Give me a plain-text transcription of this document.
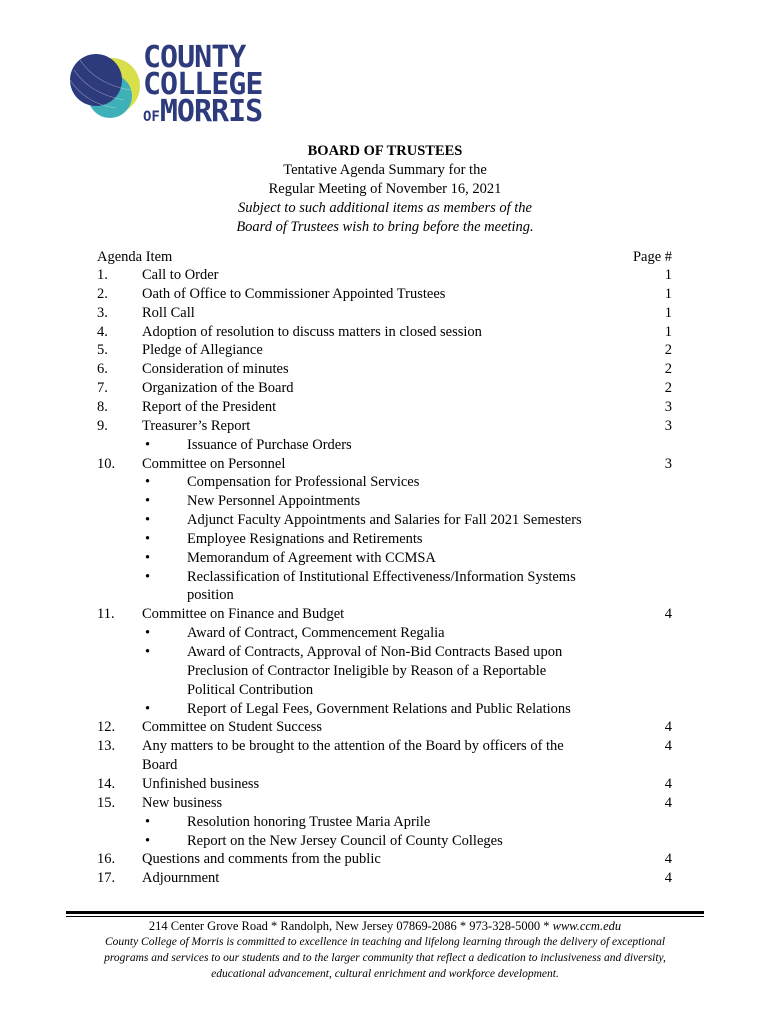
COUNTY
COLLEGE
OFMORRIS
BOARD OF TRUSTEES
Tentative Agenda Summary for the
Regular Meeting of November 16, 2021
Subject to such additional items as members of the
Board of Trustees wish to bring before the meeting.
Agenda Item	Page #
1.	Call to Order	1
2.	Oath of Office to Commissioner Appointed Trustees	1
3.	Roll Call	1
4.	Adoption of resolution to discuss matters in closed session	1
5.	Pledge of Allegiance	2
6.	Consideration of minutes	2
7.	Organization of the Board	2
8.	Report of the President	3
9.	Treasurer’s Report	3
•	Issuance of Purchase Orders
10.	Committee on Personnel	3
•	Compensation for Professional Services
•	New Personnel Appointments
•	Adjunct Faculty Appointments and Salaries for Fall 2021 Semesters
•	Employee Resignations and Retirements
•	Memorandum of Agreement with CCMSA
•	Reclassification of Institutional Effectiveness/Information Systems
position
11.	Committee on Finance and Budget	4
•	Award of Contract, Commencement Regalia
•	Award of Contracts, Approval of Non-Bid Contracts Based upon
Preclusion of Contractor Ineligible by Reason of a Reportable
Political Contribution
•	Report of Legal Fees, Government Relations and Public Relations
12.	Committee on Student Success	4
13.	Any matters to be brought to the attention of the Board by officers of the	4
Board
14.	Unfinished business	4
15.	New business	4
•	Resolution honoring Trustee Maria Aprile
•	Report on the New Jersey Council of County Colleges
16.	Questions and comments from the public	4
17.	Adjournment	4
214 Center Grove Road * Randolph, New Jersey 07869-2086 * 973-328-5000 * www.ccm.edu
County College of Morris is committed to excellence in teaching and lifelong learning through the delivery of exceptional
programs and services to our students and to the larger community that reflect a dedication to inclusiveness and diversity,
educational advancement, cultural enrichment and workforce development.
